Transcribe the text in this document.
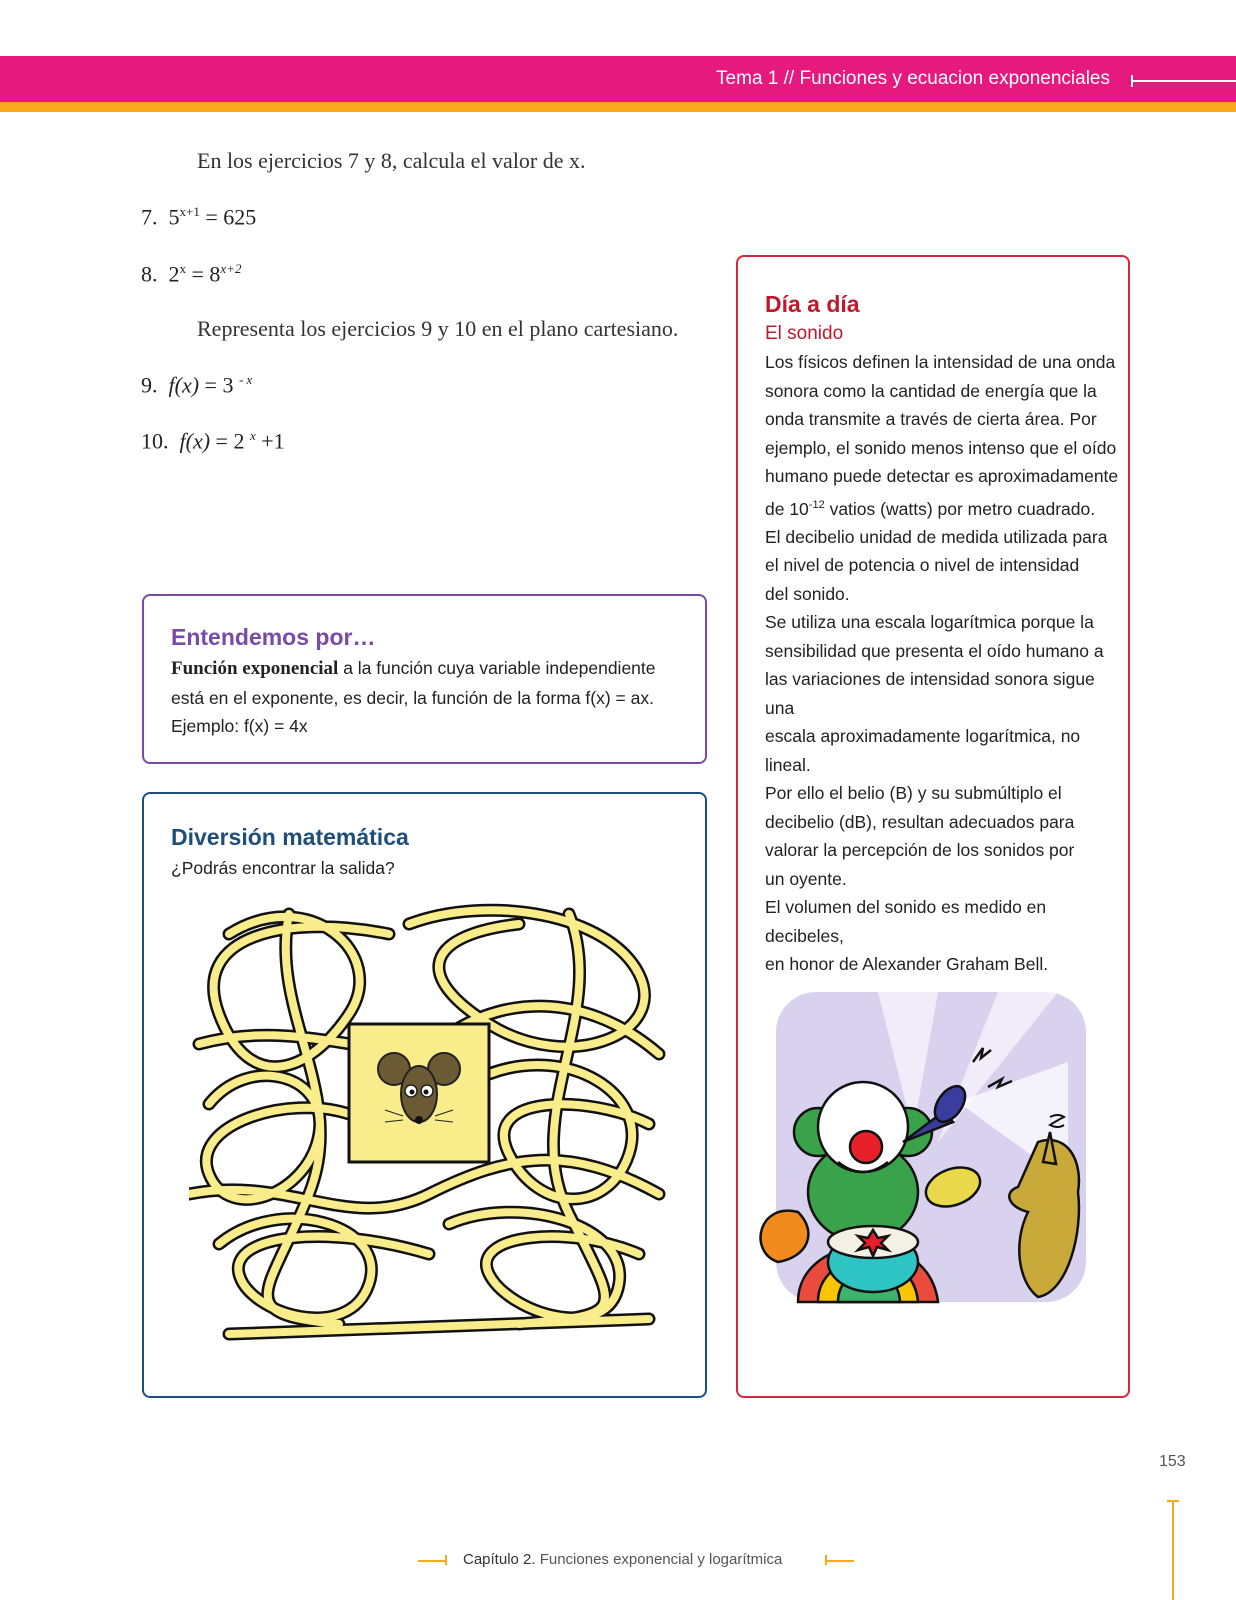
Tema 1 // Funciones y ecuacion exponenciales
En los ejercicios 7 y 8, calcula el valor de x.
7. $5^{x+1} = 625$
8. $2^x = 8^{x+2}$
Representa los ejercicios 9 y 10 en el plano cartesiano.
9. f(x) = 3 $^{- x}$
10. f(x) = 2 $^x$ +1
Entendemos por…
Función exponencial a la función cuya variable independiente
está en el exponente, es decir, la función de la forma f(x) = ax.
Ejemplo: f(x) = 4x
Diversión matemática
¿Podrás encontrar la salida?
Día a día
El sonido
Los físicos definen la intensidad de una onda
sonora como la cantidad de energía que la
onda transmite a través de cierta área. Por
ejemplo, el sonido menos intenso que el oído
humano puede detectar es aproximadamente
de $10^{-12}$ vatios (watts) por metro cuadrado.
El decibelio unidad de medida utilizada para
el nivel de potencia o nivel de intensidad
del sonido.
Se utiliza una escala logarítmica porque la
sensibilidad que presenta el oído humano a
las variaciones de intensidad sonora sigue una
escala aproximadamente logarítmica, no lineal.
Por ello el belio (B) y su submúltiplo el
decibelio (dB), resultan adecuados para
valorar la percepción de los sonidos por
un oyente.
El volumen del sonido es medido en decibeles,
en honor de Alexander Graham Bell.
153
Capítulo 2. Funciones exponencial y logarítmica
